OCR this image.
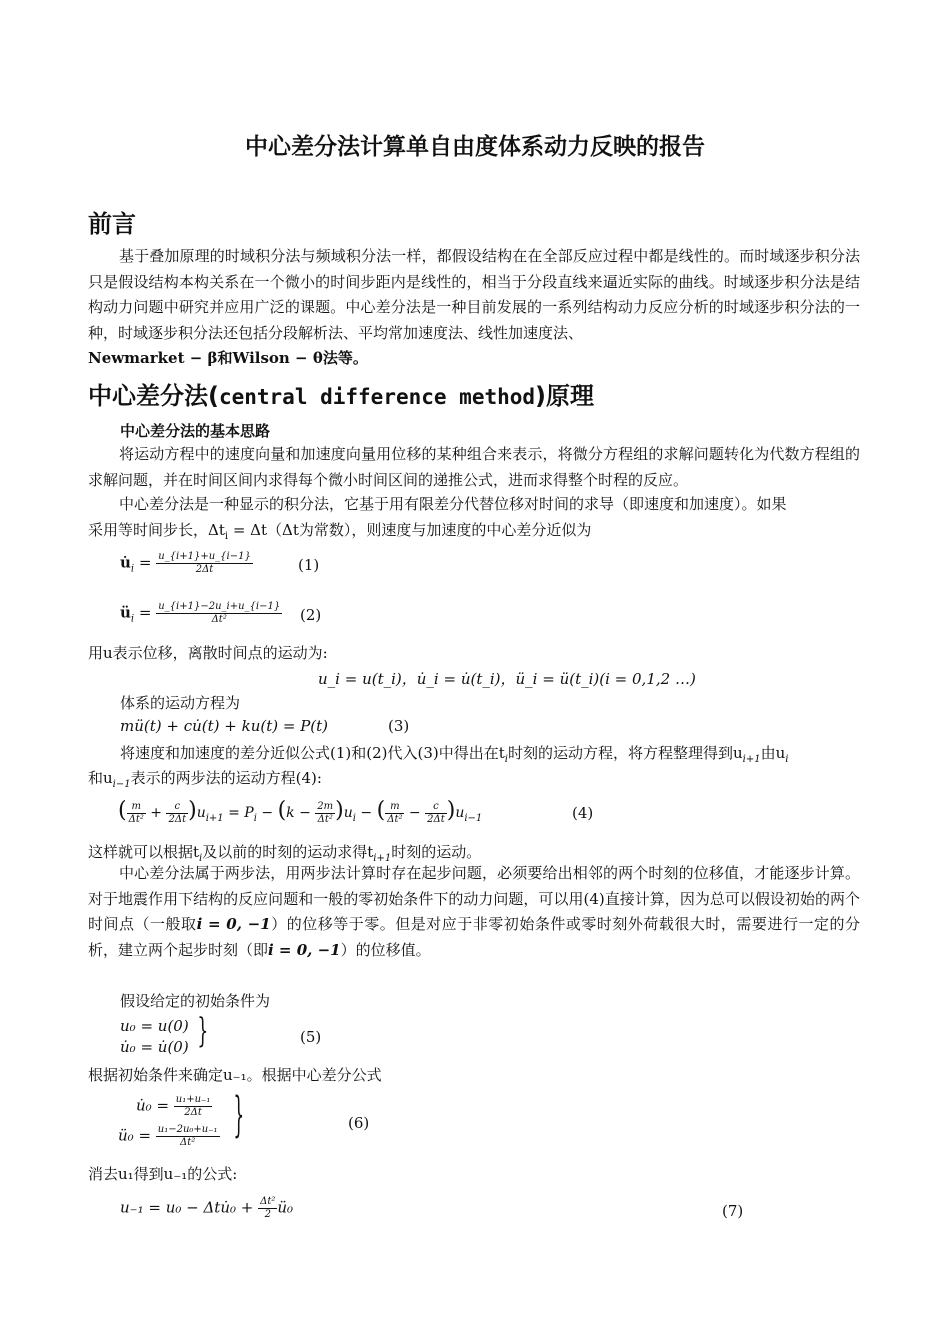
中心差分法计算单自由度体系动力反映的报告
前言
基于叠加原理的时域积分法与频域积分法一样，都假设结构在在全部反应过程中都是线性的。而时域逐步积分法只是假设结构本构关系在一个微小的时间步距内是线性的，相当于分段直线来逼近实际的曲线。时域逐步积分法是结构动力问题中研究并应用广泛的课题。中心差分法是一种目前发展的一系列结构动力反应分析的时域逐步积分法的一种，时域逐步积分法还包括分段解析法、平均常加速度法、线性加速度法、
Newmarket − β和Wilson − θ法等。
中心差分法(central difference method)原理
中心差分法的基本思路
将运动方程中的速度向量和加速度向量用位移的某种组合来表示，将微分方程组的求解问题转化为代数方程组的求解问题，并在时间区间内求得每个微小时间区间的递推公式，进而求得整个时程的反应。
中心差分法是一种显示的积分法，它基于用有限差分代替位移对时间的求导（即速度和加速度）。如果
采用等时间步长，$\Delta t_i = \Delta t(\Delta t$为常数），则速度与加速度的中心差分近似为
$u̇_i = \frac{u\_\{i+1\}+u\_\{i-1\}}{2\Delta t}$	(1)
$ü_i = \frac{u\_\{i+1\}-2u\_i+u\_\{i-1\}}{\text{Δt²}} (2)$
用u表示位移，离散时间点的运动为:
u_i = u(t_i)，u̇_i = u̇(t_i)，ü_i = ü(t_i)(i = 0,1,2 …)
体系的运动方程为
mü(t) + cu̇(t) + ku(t) = P(t)	(3)
将速度和加速度的差分近似公式(1)和(2)代入(3)中得出在$t_i$时刻的运动方程，将方程整理得到$u_{i+1}$由$u_i$
和$u_{i-1}$表示的两步法的运动方程(4):
( $\frac{m}{\text{Δt²}} + \frac{c}{2\Delta t} )u_{i+1} = P_i - (k - \frac{2m}{\text{Δt²}} )u_i$ − ( $\frac{m}{\text{Δt²}} - \frac{c}{2\Delta t} )u_{i-1}$	(4)
这样就可以根据$t_i$及以前的时刻的运动求得$t_{i+1}$时刻的运动。
中心差分法属于两步法，用两步法计算时存在起步问题，必须要给出相邻的两个时刻的位移值，才能逐步计算。对于地震作用下结构的反应问题和一般的零初始条件下的动力问题，可以用(4)直接计算，因为总可以假设初始的两个时间点（一般取i = 0, −1）的位移等于零。但是对应于非零初始条件或零时刻外荷载很大时，需要进行一定的分析，建立两个起步时刻（即i = 0, −1）的位移值。
假设给定的初始条件为
u₀ = u(0)
u̇₀ = u̇(0) }	(5)
根据初始条件来确定u₋₁。根据中心差分公式
u̇₀ = $\frac{\text{u₁+u₋₁}}{2\Delta t}$
ü₀ = $\frac{\text{u₁−2u₀+u₋₁}}{\text{Δt²}}$ }	(6)
消去u₁得到u₋₁的公式:
u₋₁ = u₀ − Δtu̇₀ + $\frac{\text{Δt²}}{2}$ ü₀	(7)
